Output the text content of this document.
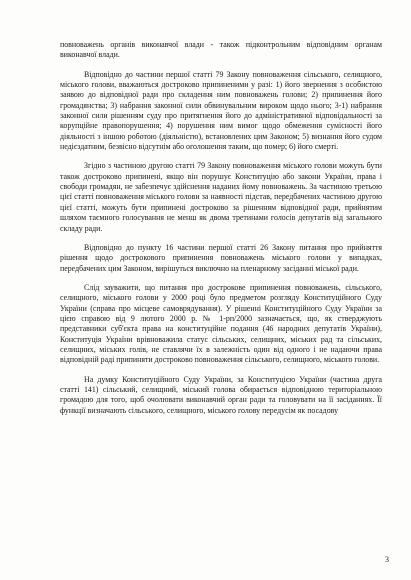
повноважень органів виконавчої влади - також підконтрольним відповідним органам виконавчої влади.

Відповідно до частини першої статті 79 Закону повноваження сільського, селищного, міського голови, вважаються достроково припиненими у разі: 1) його звернення з особистою заявою до відповідної ради про складення ним повноважень голови; 2) припинення його громадянства; 3) набрання законної сили обвинувальним вироком щодо нього; 3-1) набрання законної сили рішенням суду про притягнення його до адміністративної відповідальності за корупційне правопорушення; 4) порушення ним вимог щодо обмеження сумісності його діяльності з іншою роботою (діяльністю), встановлених цим Законом; 5) визнання його судом недієздатним, безвісно відсутнім або оголошення таким, що помер; 6) його смерті.

Згідно з частиною другою статті 79 Закону повноваження міського голови можуть бути також достроково припинені, якщо він порушує Конституцію або закони України, права і свободи громадян, не забезпечує здійснення наданих йому повноважень. За частиною третьою цієї статті повноваження міського голови за наявності підстав, передбачених частиною другою цієї статті, можуть бути припинені достроково за рішенням відповідної ради, прийнятим шляхом таємного голосування не менш як двома третинами голосів депутатів від загального складу ради.

Відповідно до пункту 16 частини першої статті 26 Закону питання про прийняття рішення щодо дострокового припинення повноважень міського голови у випадках, передбачених цим Законом, вирішуться виключно на пленарному засіданні міської ради.

Слід зауважити, що питання про дострокове припинення повноважень, сільського, селищного, міського голови у 2000 році було предметом розгляду Конституційного Суду України (справа про місцеве самоврядування). У рішенні Конституційного Суду України за цією справою від 9 лютого 2000 р. № 1-рп/2000 зазначається, що, як стверджують представники суб'єкта права на конституційне подання (46 народних депутатів України), Конституція України врівноважила статус сільських, селищних, міських рад та сільських, селищних, міських голів, не ставлячи їх в залежність один від одного і не надаючи права відповідній раді припиняти достроково повноваження сільського, селищного, міського голови.

На думку Конституційного Суду України, за Конституцією України (частина друга статті 141) сільський, селищний, міський голова обирається відповідною територіальною громадою для того, щоб очолювати виконавчий орган ради та головувати на її засіданнях. Її функції визначають сільського, селищного, міського голову передусім як посадову

3
